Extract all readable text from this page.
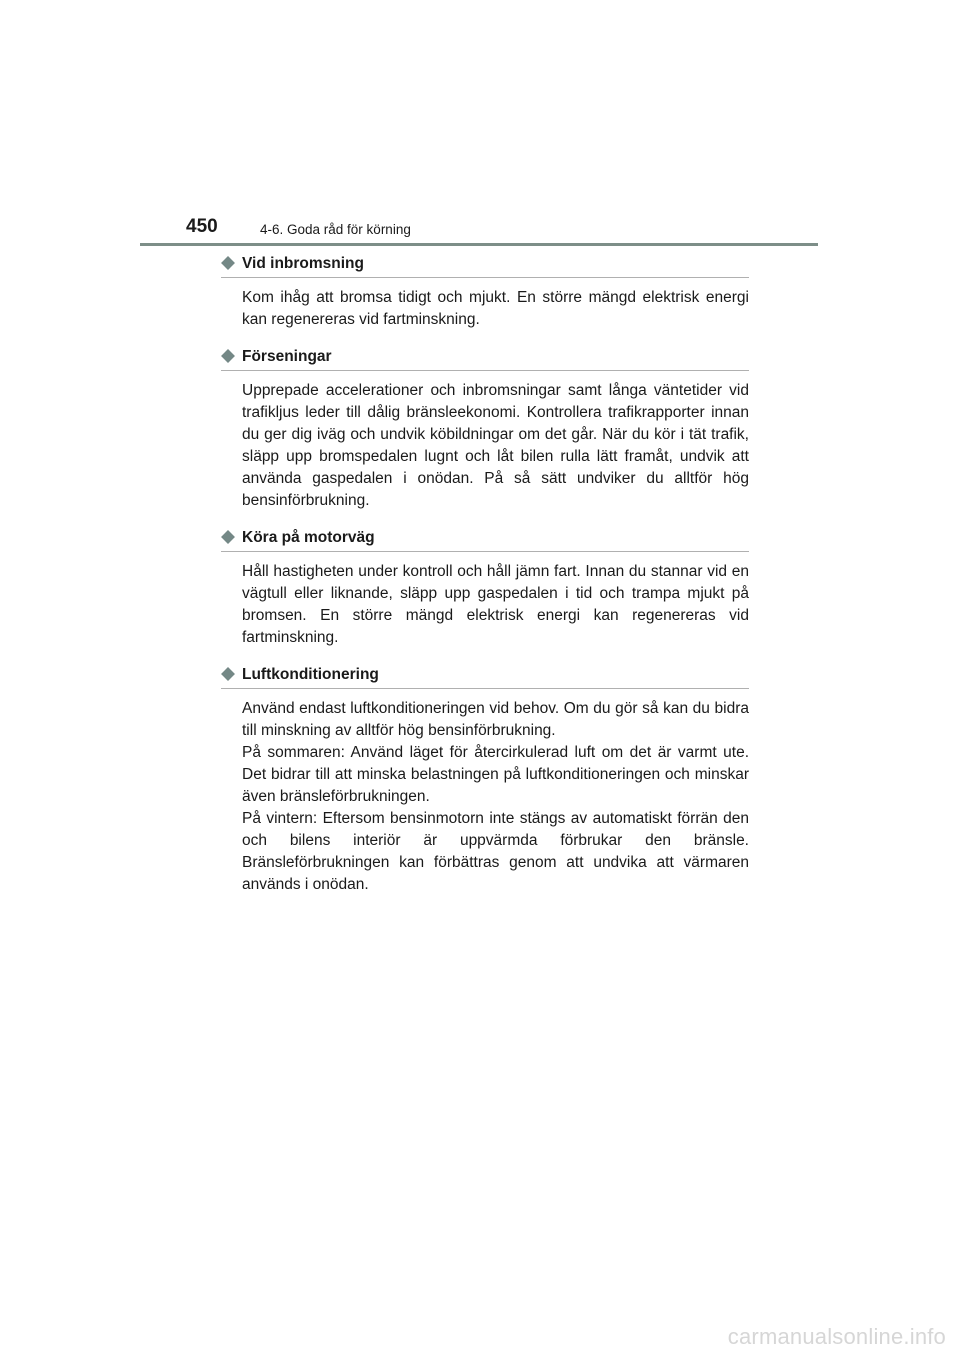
450	4-6. Goda råd för körning
Vid inbromsning

Kom ihåg att bromsa tidigt och mjukt. En större mängd elektrisk energi kan regenereras vid fartminskning.

Förseningar

Upprepade accelerationer och inbromsningar samt långa väntetider vid trafikljus leder till dålig bränsleekonomi. Kontrollera trafikrapporter innan du ger dig iväg och undvik köbildningar om det går. När du kör i tät trafik, släpp upp bromspedalen lugnt och låt bilen rulla lätt framåt, undvik att använda gaspedalen i onödan. På så sätt undviker du alltför hög bensinförbrukning.

Köra på motorväg

Håll hastigheten under kontroll och håll jämn fart. Innan du stannar vid en vägtull eller liknande, släpp upp gaspedalen i tid och trampa mjukt på bromsen. En större mängd elektrisk energi kan regenereras vid fartminskning.

Luftkonditionering

Använd endast luftkonditioneringen vid behov. Om du gör så kan du bidra till minskning av alltför hög bensinförbrukning.

På sommaren: Använd läget för återcirkulerad luft om det är varmt ute. Det bidrar till att minska belastningen på luftkonditioneringen och minskar även bränsleförbrukningen.

På vintern: Eftersom bensinmotorn inte stängs av automatiskt förrän den och bilens interiör är uppvärmda förbrukar den bränsle. Bränsleförbrukningen kan förbättras genom att undvika att värmaren används i onödan.

carmanualsonline.info
